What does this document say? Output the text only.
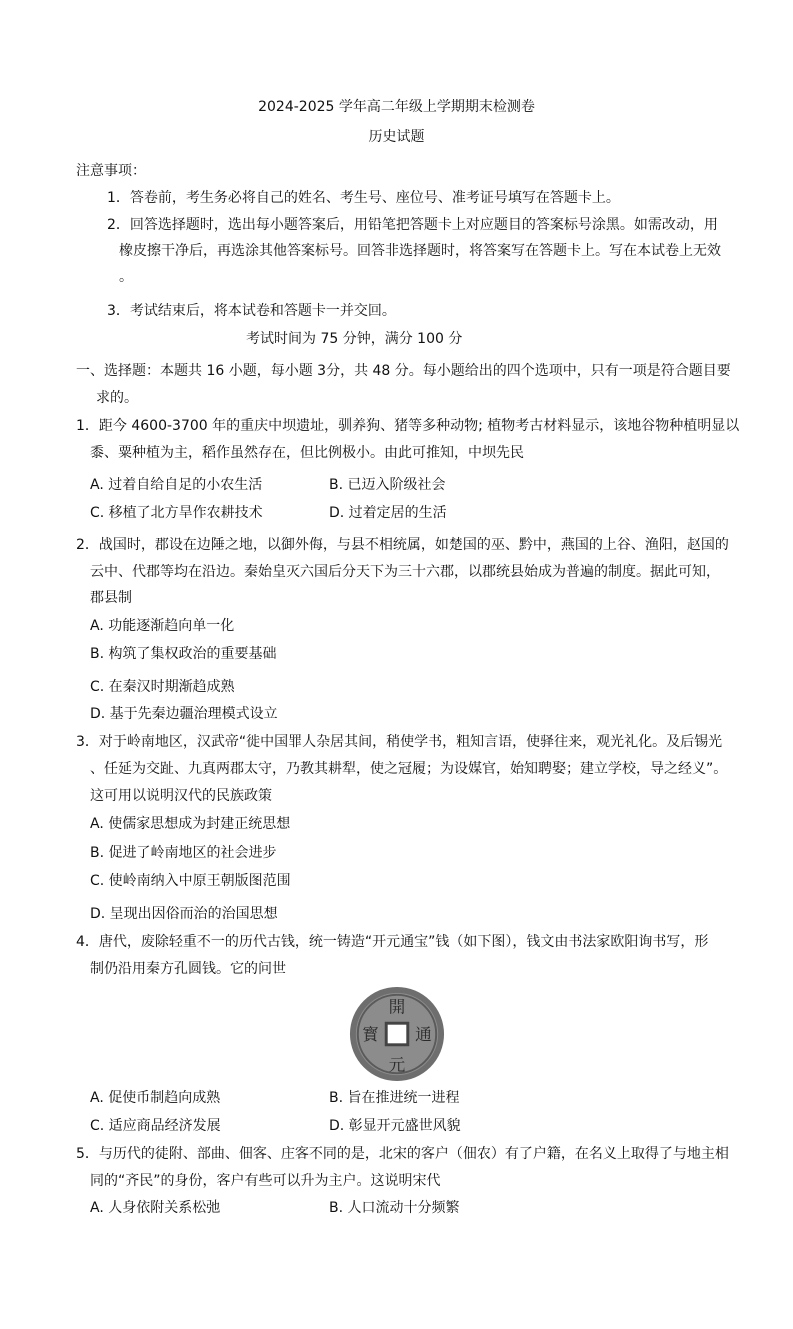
2024-2025 学年高二年级上学期期末检测卷
历史试题
注意事项：
1．答卷前，考生务必将自己的姓名、考生号、座位号、准考证号填写在答题卡上。
2．回答选择题时，选出每小题答案后，用铅笔把答题卡上对应题目的答案标号涂黑。如需改动，用
橡皮擦干净后，再选涂其他答案标号。回答非选择题时，将答案写在答题卡上。写在本试卷上无效
。
3．考试结束后，将本试卷和答题卡一并交回。
考试时间为 75 分钟，满分 100 分
一、选择题：本题共 16 小题，每小题 3分，共 48 分。每小题给出的四个选项中，只有一项是符合题目要
求的。
1．距今 4600-3700 年的重庆中坝遗址，驯养狗、猪等多种动物; 植物考古材料显示，该地谷物种植明显以
黍、粟种植为主，稻作虽然存在，但比例极小。由此可推知，中坝先民
A. 过着自给自足的小农生活	B. 已迈入阶级社会
C. 移植了北方旱作农耕技术	D. 过着定居的生活
2．战国时，郡设在边陲之地，以御外侮，与县不相统属，如楚国的巫、黔中，燕国的上谷、渔阳，赵国的
云中、代郡等均在沿边。秦始皇灭六国后分天下为三十六郡，以郡统县始成为普遍的制度。据此可知，
郡县制
A. 功能逐渐趋向单一化
B. 构筑了集权政治的重要基础
C. 在秦汉时期渐趋成熟
D. 基于先秦边疆治理模式设立
3．对于岭南地区，汉武帝“徙中国罪人杂居其间，稍使学书，粗知言语，使驿往来，观光礼化。及后锡光
、任延为交趾、九真两郡太守，乃教其耕犁，使之冠履；为设媒官，始知聘娶；建立学校，导之经义”。
这可用以说明汉代的民族政策
A. 使儒家思想成为封建正统思想
B. 促进了岭南地区的社会进步
C. 使岭南纳入中原王朝版图范围
D. 呈现出因俗而治的治国思想
4．唐代，废除轻重不一的历代古钱，统一铸造“开元通宝”钱（如下图），钱文由书法家欧阳询书写，形
制仍沿用秦方孔圆钱。它的问世
開
元
通
寳
A. 促使币制趋向成熟	B. 旨在推进统一进程
C. 适应商品经济发展	D. 彰显开元盛世风貌
5．与历代的徒附、部曲、佃客、庄客不同的是，北宋的客户（佃农）有了户籍，在名义上取得了与地主相
同的“齐民”的身份，客户有些可以升为主户。这说明宋代
A. 人身依附关系松弛	B. 人口流动十分频繁
